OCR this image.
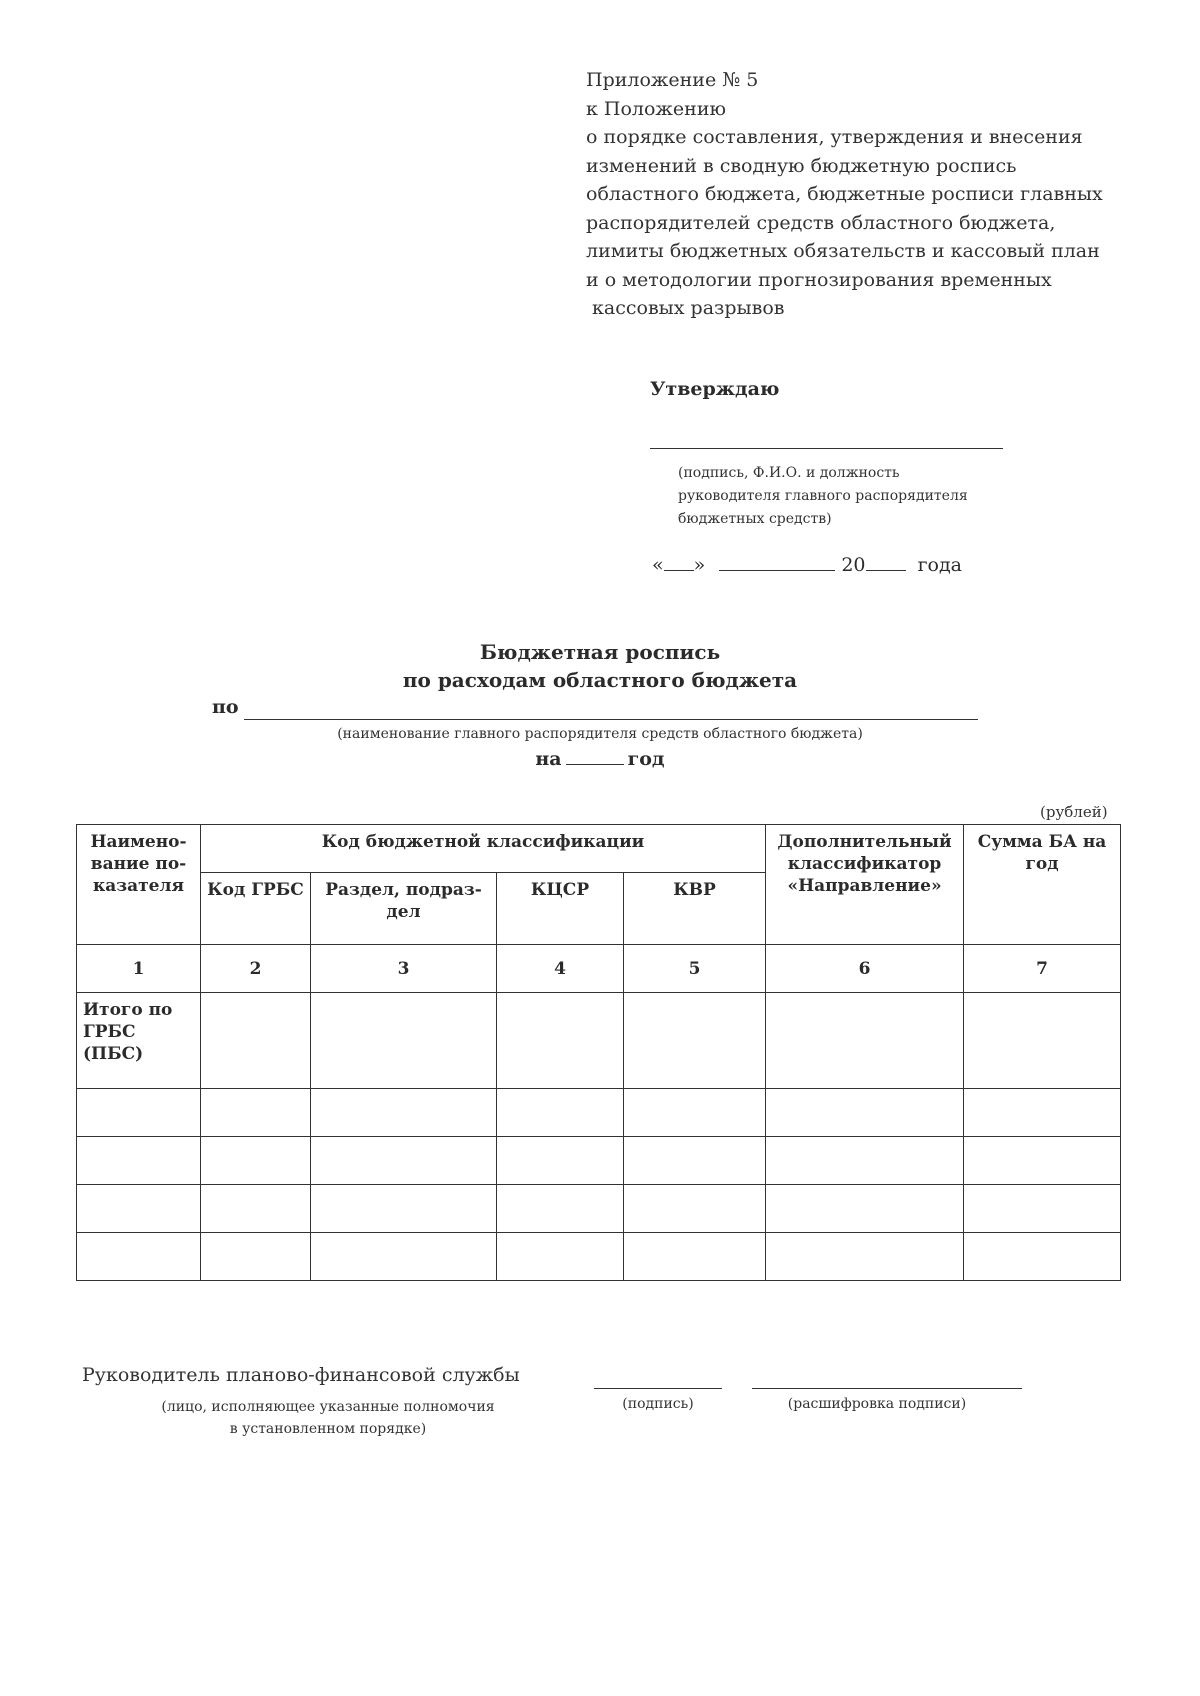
Приложение № 5
к Положению
о порядке составления, утверждения и внесения
изменений в сводную бюджетную роспись
областного бюджета, бюджетные росписи главных
распорядителей средств областного бюджета,
лимиты бюджетных обязательств и кассовый план
и о методологии прогнозирования временных
кассовых разрывов
Утверждаю
(подпись, Ф.И.О. и должность
руководителя главного распорядителя
бюджетных средств)
« »	20	года
Бюджетная роспись
по расходам областного бюджета
по
(наименование главного распорядителя средств областного бюджета)
на	год
(рублей)
Наимено-вание по-казателя	Код бюджетной классификации				Дополнительный классификатор «Направление»	Сумма БА на год
	Код ГРБС	Раздел, подраз-дел	КЦСР	КВР		
1	2	3	4	5	6	7
Итого по ГРБС (ПБС)						

Руководитель планово-финансовой службы
(лицо, исполняющее указанные полномочия
в установленном порядке)
(подпись)	(расшифровка подписи)
